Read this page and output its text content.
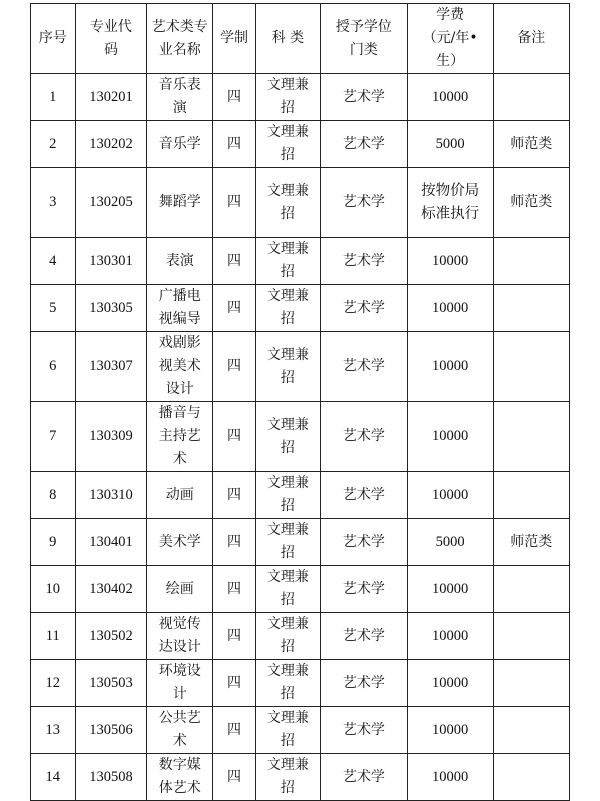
序号	专业代码	艺术类专业名称	学制	科 类	授予学位门类	学费（元/年•生）	备注
1	130201	音乐表演	四	文理兼招	艺术学	10000	
2	130202	音乐学	四	文理兼招	艺术学	5000	师范类
3	130205	舞蹈学	四	文理兼招	艺术学	按物价局标准执行	师范类
4	130301	表演	四	文理兼招	艺术学	10000	
5	130305	广播电视编导	四	文理兼招	艺术学	10000	
6	130307	戏剧影视美术设计	四	文理兼招	艺术学	10000	
7	130309	播音与主持艺术	四	文理兼招	艺术学	10000	
8	130310	动画	四	文理兼招	艺术学	10000	
9	130401	美术学	四	文理兼招	艺术学	5000	师范类
10	130402	绘画	四	文理兼招	艺术学	10000	
11	130502	视觉传达设计	四	文理兼招	艺术学	10000	
12	130503	环境设计	四	文理兼招	艺术学	10000	
13	130506	公共艺术	四	文理兼招	艺术学	10000	
14	130508	数字媒体艺术	四	文理兼招	艺术学	10000	
